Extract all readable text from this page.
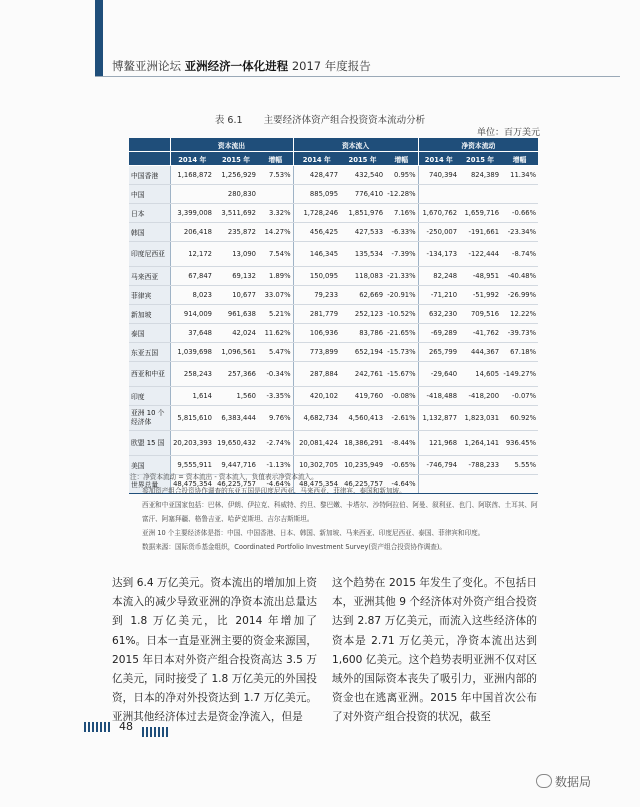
博鳌亚洲论坛 亚洲经济一体化进程 2017 年度报告
表 6.1 主要经济体资产组合投资资本流动分析
单位：百万美元
	资本流出			资本流入			净资本流动		
	2014 年	2015 年	增幅	2014 年	2015 年	增幅	2014 年	2015 年	增幅
中国香港	1,168,872	1,256,929	7.53%	428,477	432,540	0.95%	740,394	824,389	11.34%
中国		280,830		885,095	776,410	-12.28%			
日本	3,399,008	3,511,692	3.32%	1,728,246	1,851,976	7.16%	1,670,762	1,659,716	-0.66%
韩国	206,418	235,872	14.27%	456,425	427,533	-6.33%	-250,007	-191,661	-23.34%
印度尼西亚	12,172	13,090	7.54%	146,345	135,534	-7.39%	-134,173	-122,444	-8.74%
马来西亚	67,847	69,132	1.89%	150,095	118,083	-21.33%	82,248	-48,951	-40.48%
菲律宾	8,023	10,677	33.07%	79,233	62,669	-20.91%	-71,210	-51,992	-26.99%
新加坡	914,009	961,638	5.21%	281,779	252,123	-10.52%	632,230	709,516	12.22%
泰国	37,648	42,024	11.62%	106,936	83,786	-21.65%	-69,289	-41,762	-39.73%
东亚五国	1,039,698	1,096,561	5.47%	773,899	652,194	-15.73%	265,799	444,367	67.18%
西亚和中亚	258,243	257,366	-0.34%	287,884	242,761	-15.67%	-29,640	14,605	-149.27%
印度	1,614	1,560	-3.35%	420,102	419,760	-0.08%	-418,488	-418,200	-0.07%
亚洲 10 个经济体	5,815,610	6,383,444	9.76%	4,682,734	4,560,413	-2.61%	1,132,877	1,823,031	60.92%
欧盟 15 国	20,203,393	19,650,432	-2.74%	20,081,424	18,386,291	-8.44%	121,968	1,264,141	936.45%
美国	9,555,911	9,447,716	-1.13%	10,302,705	10,235,949	-0.65%	-746,794	-788,233	5.55%
世界总量	48,475,354	46,225,757	-4.64%	48,475,354	46,225,757	-4.64%			

注：净资本流动 = 资本流出 - 资本流入，负值表示净资本流入。

参加资产组合投资协作调查的东亚五国是印度尼西亚、马来西亚、菲律宾、泰国和新加坡。

西亚和中亚国家包括：巴林、伊朗、伊拉克、科威特、约旦、黎巴嫩、卡塔尔、沙特阿拉伯、阿曼、叙利亚、也门、阿联酋、土耳其、阿富汗、阿塞拜疆、格鲁吉亚、哈萨克斯坦、吉尔吉斯斯坦。

亚洲 10 个主要经济体是指：中国、中国香港、日本、韩国、新加坡、马来西亚、印度尼西亚、泰国、菲律宾和印度。

数据来源：国际货币基金组织，Coordinated Portfolio Investment Survey(资产组合投资协作调查)。

达到 6.4 万亿美元。资本流出的增加加上资本流入的减少导致亚洲的净资本流出总量达到 1.8 万亿美元，比 2014 年增加了 61%。日本一直是亚洲主要的资金来源国，2015 年日本对外资产组合投资高达 3.5 万亿美元，同时接受了 1.8 万亿美元的外国投资，日本的净对外投资达到 1.7 万亿美元。亚洲其他经济体过去是资金净流入，但是

这个趋势在 2015 年发生了变化。不包括日本，亚洲其他 9 个经济体对外资产组合投资达到 2.87 万亿美元，而流入这些经济体的资本是 2.71 万亿美元，净资本流出达到 1,600 亿美元。这个趋势表明亚洲不仅对区域外的国际资本丧失了吸引力，亚洲内部的资金也在逃离亚洲。2015 年中国首次公布了对外资产组合投资的状况，截至

48
数据局
